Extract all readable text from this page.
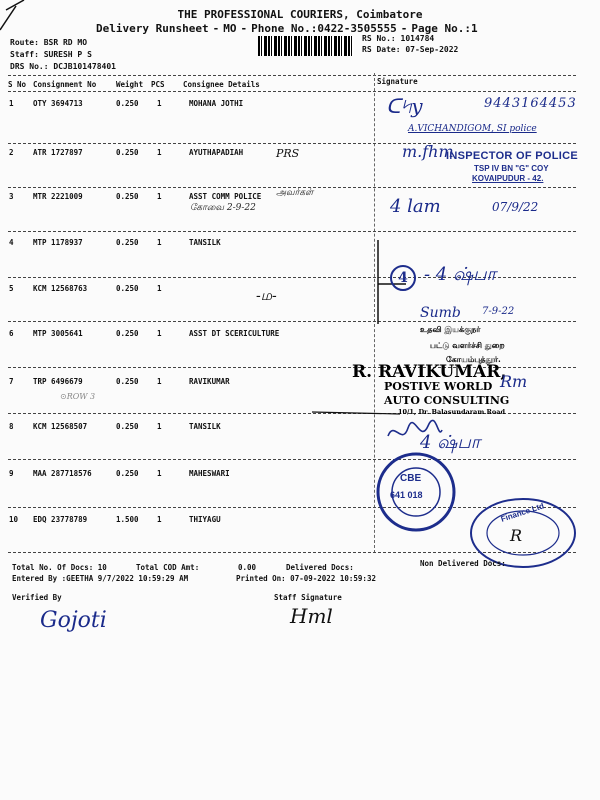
THE PROFESSIONAL COURIERS, Coimbatore
Delivery Runsheet - MO - Phone No.:0422-3505555 - Page No.:1
Route: BSR RD MO
Staff: SURESH P S
DRS No.: DCJB101478401
RS No.: 1014784
RS Date: 07-Sep-2022
S No Consignment No	Weight PCS Consignee Details	Signature
1	OTY 3694713	0.250 1	MOHANA JOTHI
2	ATR 1727897	0.250 1	AYUTHAPADIAH
3	MTR 2221009	0.250 1	ASST COMM POLICE
4	MTP 1178937	0.250 1	TANSILK
5	KCM 12568763	0.250 1
6	MTP 3005641	0.250 1	ASST DT SCERICULTURE
7	TRP 6496679	0.250 1	RAVIKUMAR
8	KCM 12568507	0.250 1	TANSILK
9	MAA 287718576	0.250 1	MAHESWARI
10 EDQ 23778789	1.500 1	THIYAGU
ᑕ৸y	9443164453
A.VICHANDIGOM, SI police
PRS	m.fhm
INSPECTOR OF POLICE
TSP IV BN "G" COY
KOVAIPUDUR - 42.
அவர்கள்
கோவை 2-9-22	4 lam	07/9/22
4 - 4 ஷ்பா
-ம-
Sumb 7-9-22
உதவி இயக்குநர்
பட்டு வளர்ச்சி துறை
கோயம்புத்தூர்.
R. RAVIKUMAR,
POSTIVE WORLD
AUTO CONSULTING
10/1, Dr. Balasundaram Road
Rm
⊙ROW 3
4 ஷ்பா
CBE
641 018
Finance Ltd
R
Total No. Of Docs: 10	Total COD Amt:	0.00	Delivered Docs:	Non Delivered Docs:
Entered By :GEETHA 9/7/2022 10:59:29 AM	Printed On: 07-09-2022 10:59:32
Verified By	Staff Signature
Gojoti	Hml
